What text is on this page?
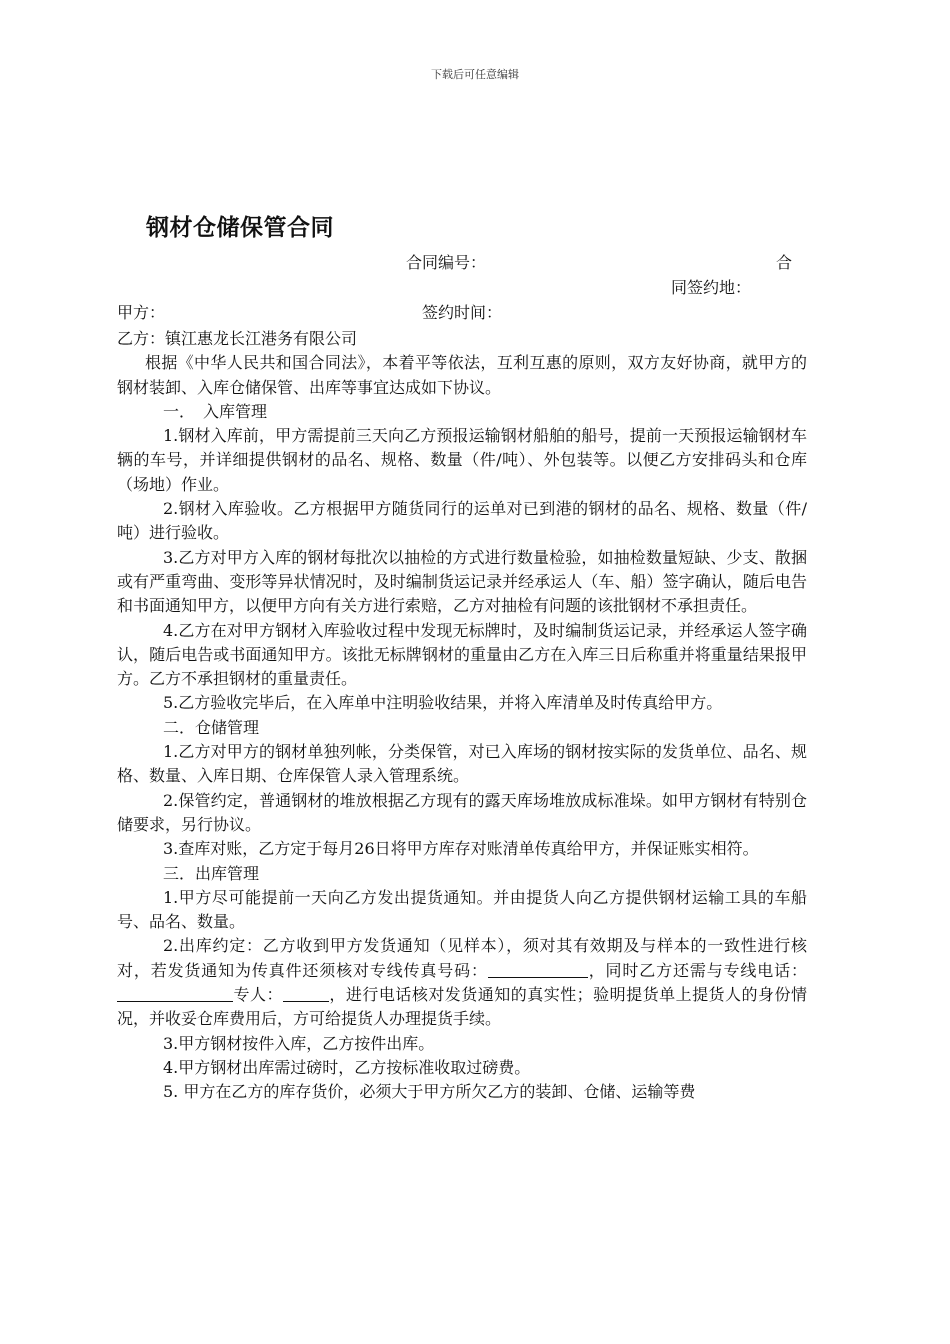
下载后可任意编辑
钢材仓储保管合同
合同编号：	合
同签约地：
甲方：	签约时间：

乙方：镇江惠龙长江港务有限公司

根据《中华人民共和国合同法》，本着平等依法，互利互惠的原则，双方友好协商，就甲方的钢材装卸、入库仓储保管、出库等事宜达成如下协议。

一．　入库管理

1.钢材入库前，甲方需提前三天向乙方预报运输钢材船舶的船号，提前一天预报运输钢材车辆的车号，并详细提供钢材的品名、规格、数量（件/吨）、外包装等。以便乙方安排码头和仓库（场地）作业。

2.钢材入库验收。乙方根据甲方随货同行的运单对已到港的钢材的品名、规格、数量（件/吨）进行验收。

3.乙方对甲方入库的钢材每批次以抽检的方式进行数量检验，如抽检数量短缺、少支、散捆或有严重弯曲、变形等异状情况时，及时编制货运记录并经承运人（车、船）签字确认，随后电告和书面通知甲方，以便甲方向有关方进行索赔，乙方对抽检有问题的该批钢材不承担责任。

4.乙方在对甲方钢材入库验收过程中发现无标牌时，及时编制货运记录，并经承运人签字确认，随后电告或书面通知甲方。该批无标牌钢材的重量由乙方在入库三日后称重并将重量结果报甲方。乙方不承担钢材的重量责任。

5.乙方验收完毕后，在入库单中注明验收结果，并将入库清单及时传真给甲方。

二．仓储管理

1.乙方对甲方的钢材单独列帐，分类保管，对已入库场的钢材按实际的发货单位、品名、规格、数量、入库日期、仓库保管人录入管理系统。

2.保管约定，普通钢材的堆放根据乙方现有的露天库场堆放成标准垛。如甲方钢材有特别仓储要求，另行协议。

3.查库对账，乙方定于每月26日将甲方库存对账清单传真给甲方，并保证账实相符。

三．出库管理

1.甲方尽可能提前一天向乙方发出提货通知。并由提货人向乙方提供钢材运输工具的车船号、品名、数量。

2.出库约定：乙方收到甲方发货通知（见样本），须对其有效期及与样本的一致性进行核对，若发货通知为传真件还须核对专线传真号码：	，同时乙方还需与专线电话：专人：	，进行电话核对发货通知的真实性；验明提货单上提货人的身份情况，并收妥仓库费用后，方可给提货人办理提货手续。

3.甲方钢材按件入库，乙方按件出库。

4.甲方钢材出库需过磅时，乙方按标准收取过磅费。

5. 甲方在乙方的库存货价，必须大于甲方所欠乙方的装卸、仓储、运输等费
